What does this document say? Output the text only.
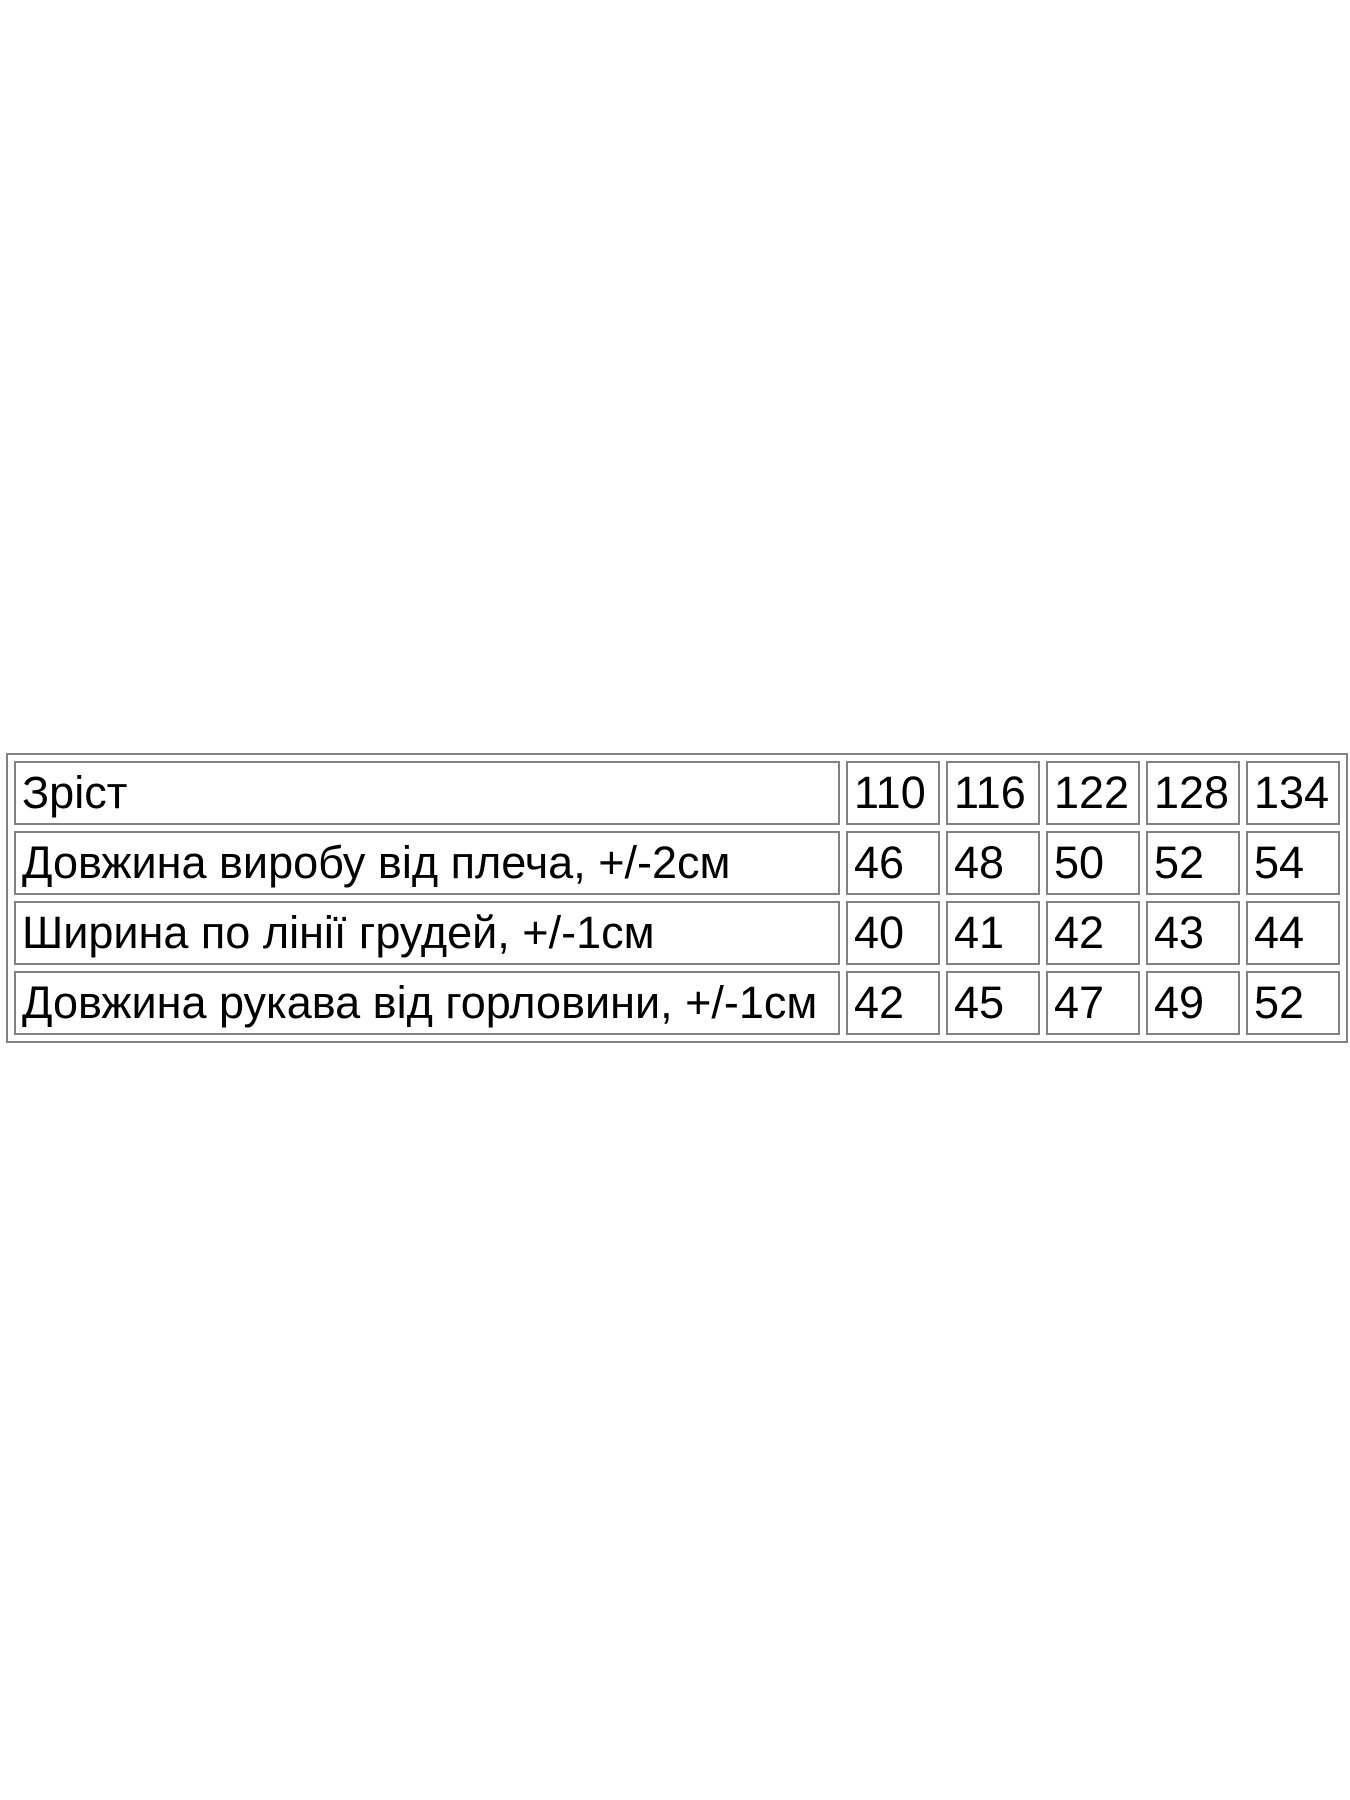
Зріст	110	116	122	128	134
Довжина виробу від плеча, +/-2см	46	48	50	52	54
Ширина по лінії грудей, +/-1см	40	41	42	43	44
Довжина рукава від горловини, +/-1см	42	45	47	49	52
